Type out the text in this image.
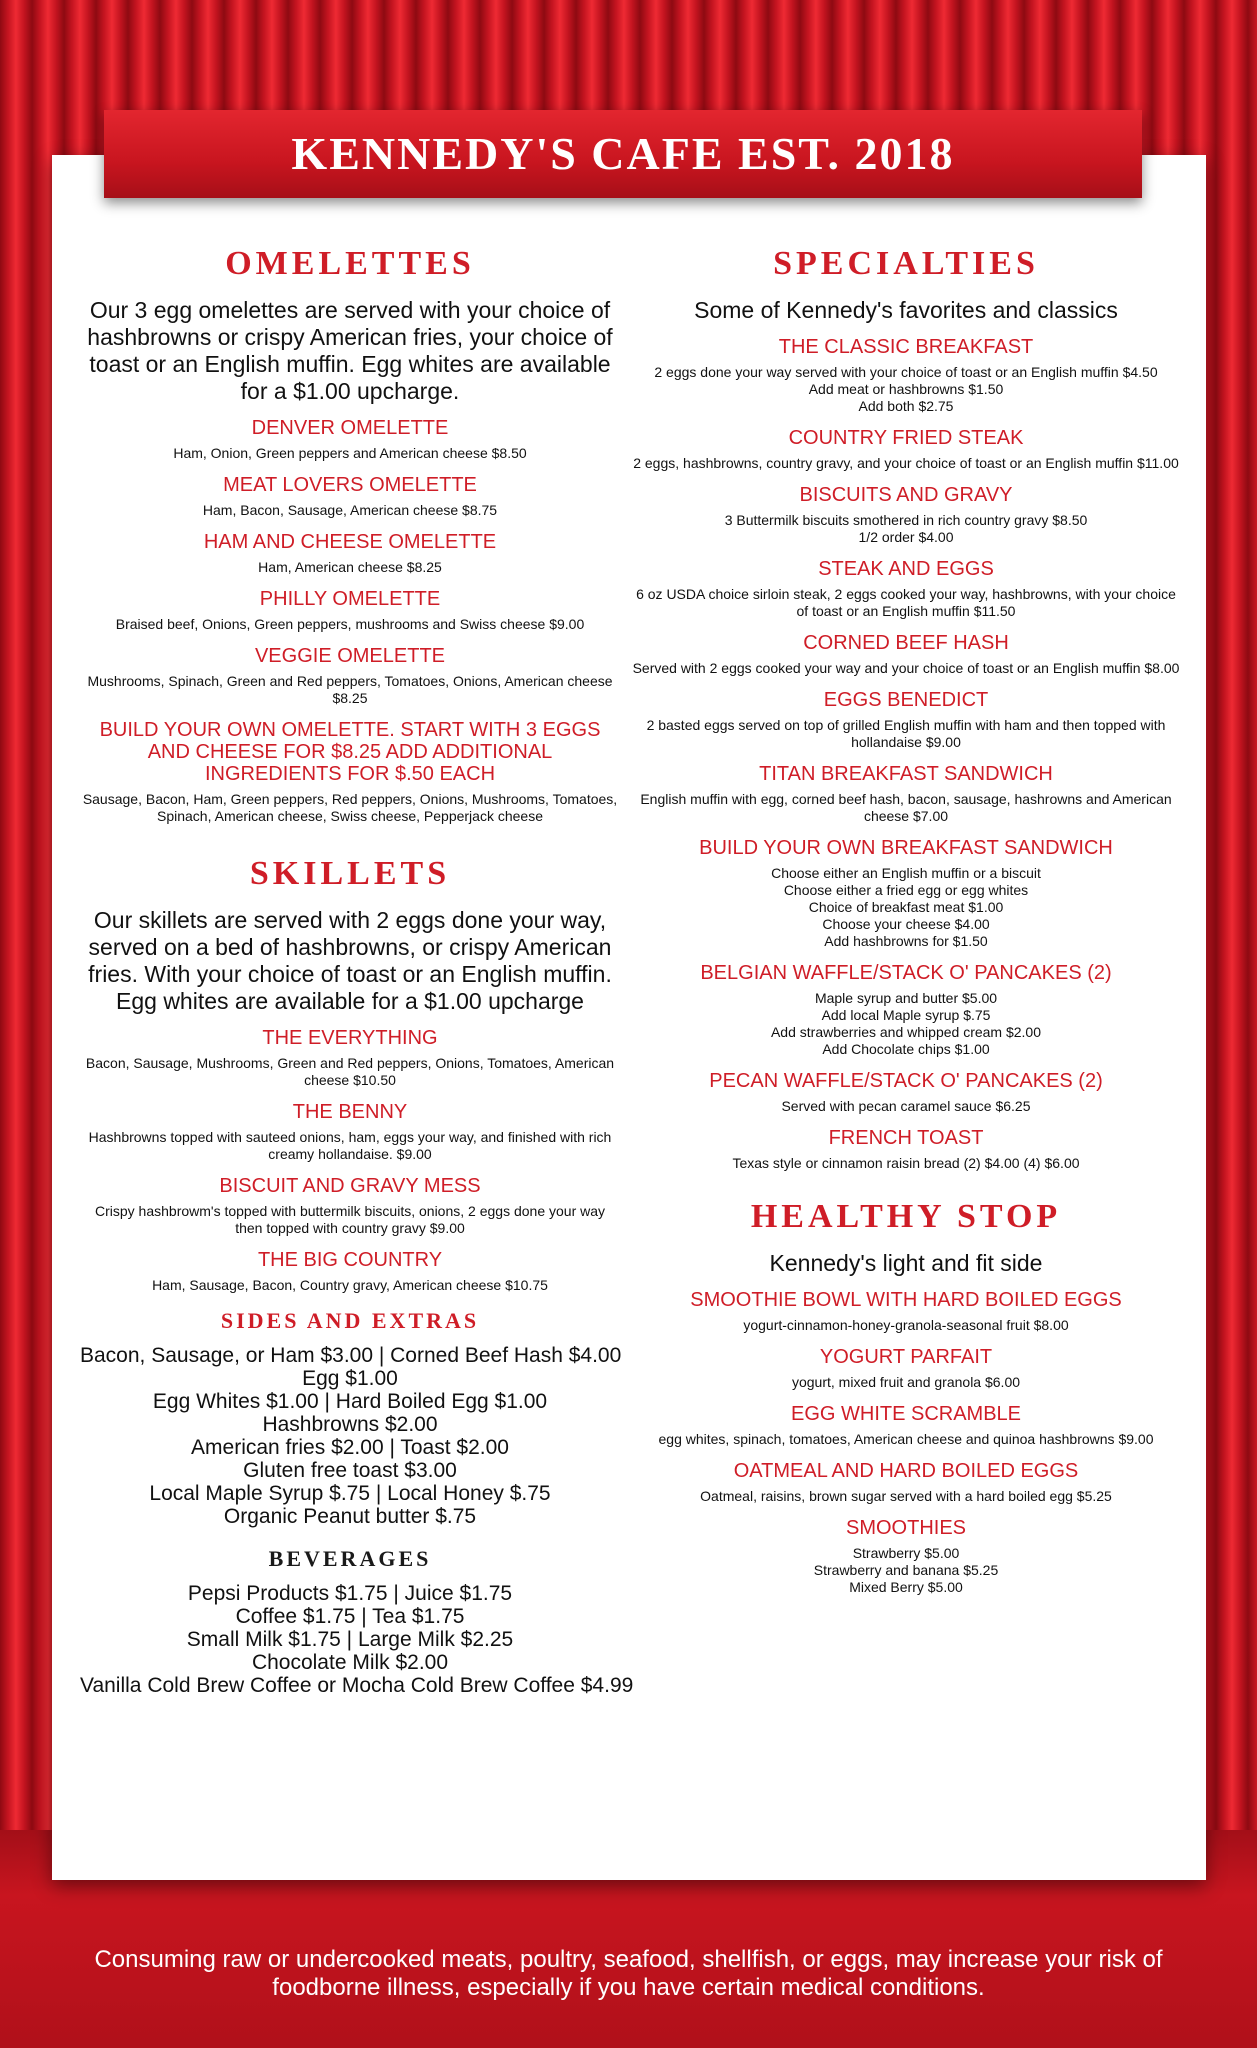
KENNEDY'S CAFE EST. 2018
OMELETTES

Our 3 egg omelettes are served with your choice of hashbrowns or crispy American fries, your choice of toast or an English muffin. Egg whites are available for a $1.00 upcharge.

DENVER OMELETTE
Ham, Onion, Green peppers and American cheese $8.50
MEAT LOVERS OMELETTE
Ham, Bacon, Sausage, American cheese $8.75
HAM AND CHEESE OMELETTE
Ham, American cheese $8.25
PHILLY OMELETTE
Braised beef, Onions, Green peppers, mushrooms and Swiss cheese $9.00
VEGGIE OMELETTE
Mushrooms, Spinach, Green and Red peppers, Tomatoes, Onions, American cheese $8.25
BUILD YOUR OWN OMELETTE. START WITH 3 EGGS AND CHEESE FOR $8.25 ADD ADDITIONAL INGREDIENTS FOR $.50 EACH
Sausage, Bacon, Ham, Green peppers, Red peppers, Onions, Mushrooms, Tomatoes, Spinach, American cheese, Swiss cheese, Pepperjack cheese
SKILLETS

Our skillets are served with 2 eggs done your way, served on a bed of hashbrowns, or crispy American fries. With your choice of toast or an English muffin. Egg whites are available for a $1.00 upcharge

THE EVERYTHING
Bacon, Sausage, Mushrooms, Green and Red peppers, Onions, Tomatoes, American cheese $10.50
THE BENNY
Hashbrowns topped with sauteed onions, ham, eggs your way, and finished with rich creamy hollandaise. $9.00
BISCUIT AND GRAVY MESS
Crispy hashbrowm's topped with buttermilk biscuits, onions, 2 eggs done your way then topped with country gravy $9.00
THE BIG COUNTRY
Ham, Sausage, Bacon, Country gravy, American cheese $10.75
SIDES AND EXTRAS
Bacon, Sausage, or Ham $3.00 | Corned Beef Hash $4.00
Egg $1.00
Egg Whites $1.00 | Hard Boiled Egg $1.00
Hashbrowns $2.00
American fries $2.00 | Toast $2.00
Gluten free toast $3.00
Local Maple Syrup $.75 | Local Honey $.75
Organic Peanut butter $.75
BEVERAGES
Pepsi Products $1.75 | Juice $1.75
Coffee $1.75 | Tea $1.75
Small Milk $1.75 | Large Milk $2.25
Chocolate Milk $2.00
Vanilla Cold Brew Coffee or Mocha Cold Brew Coffee $4.99
SPECIALTIES

Some of Kennedy's favorites and classics

THE CLASSIC BREAKFAST
2 eggs done your way served with your choice of toast or an English muffin $4.50
Add meat or hashbrowns $1.50
Add both $2.75
COUNTRY FRIED STEAK
2 eggs, hashbrowns, country gravy, and your choice of toast or an English muffin $11.00
BISCUITS AND GRAVY
3 Buttermilk biscuits smothered in rich country gravy $8.50
1/2 order $4.00
STEAK AND EGGS
6 oz USDA choice sirloin steak, 2 eggs cooked your way, hashbrowns, with your choice of toast or an English muffin $11.50
CORNED BEEF HASH
Served with 2 eggs cooked your way and your choice of toast or an English muffin $8.00
EGGS BENEDICT
2 basted eggs served on top of grilled English muffin with ham and then topped with hollandaise $9.00
TITAN BREAKFAST SANDWICH
English muffin with egg, corned beef hash, bacon, sausage, hashrowns and American cheese $7.00
BUILD YOUR OWN BREAKFAST SANDWICH
Choose either an English muffin or a biscuit
Choose either a fried egg or egg whites
Choice of breakfast meat $1.00
Choose your cheese $4.00
Add hashbrowns for $1.50
BELGIAN WAFFLE/STACK O' PANCAKES (2)
Maple syrup and butter $5.00
Add local Maple syrup $.75
Add strawberries and whipped cream $2.00
Add Chocolate chips $1.00
PECAN WAFFLE/STACK O' PANCAKES (2)
Served with pecan caramel sauce $6.25
FRENCH TOAST
Texas style or cinnamon raisin bread (2) $4.00 (4) $6.00
HEALTHY STOP

Kennedy's light and fit side

SMOOTHIE BOWL WITH HARD BOILED EGGS
yogurt-cinnamon-honey-granola-seasonal fruit $8.00
YOGURT PARFAIT
yogurt, mixed fruit and granola $6.00
EGG WHITE SCRAMBLE
egg whites, spinach, tomatoes, American cheese and quinoa hashbrowns $9.00
OATMEAL AND HARD BOILED EGGS
Oatmeal, raisins, brown sugar served with a hard boiled egg $5.25
SMOOTHIES
Strawberry $5.00
Strawberry and banana $5.25
Mixed Berry $5.00
Consuming raw or undercooked meats, poultry, seafood, shellfish, or eggs, may increase your risk of foodborne illness, especially if you have certain medical conditions.
